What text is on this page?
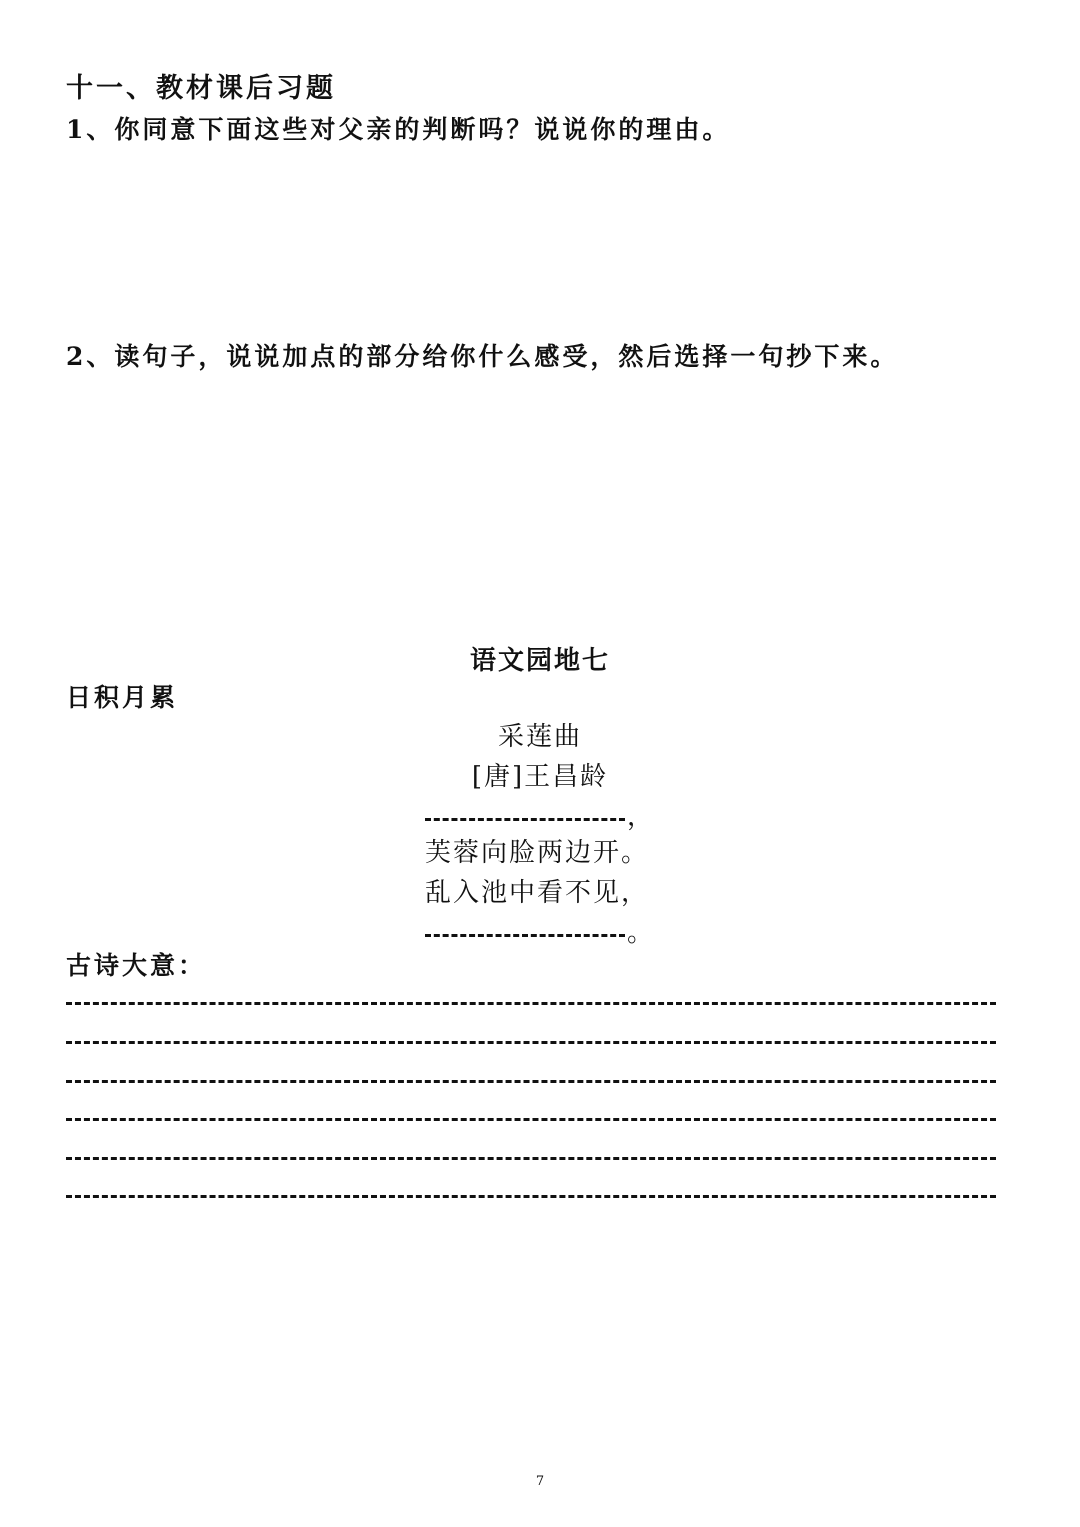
十一、教材课后习题
1、你同意下面这些对父亲的判断吗？说说你的理由。
2、读句子，说说加点的部分给你什么感受，然后选择一句抄下来。
语文园地七
日积月累
采莲曲
[唐]王昌龄
，
芙蓉向脸两边开。
乱入池中看不见，
。
古诗大意：
7
